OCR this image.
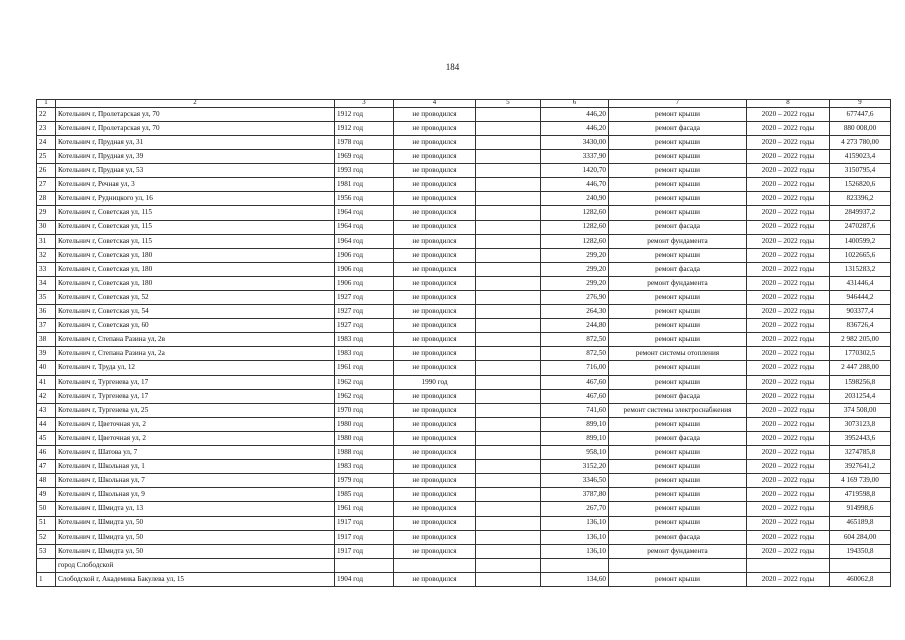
184
1	2	3	4	5	6	7	8	9
22	Котельнич г, Пролетарская ул, 70	1912 год	не проводился		446,20	ремонт крыши	2020 – 2022 годы	677447,6
23	Котельнич г, Пролетарская ул, 70	1912 год	не проводился		446,20	ремонт фасада	2020 – 2022 годы	880 008,00
24	Котельнич г, Прудная ул, 31	1978 год	не проводился		3430,00	ремонт крыши	2020 – 2022 годы	4 273 780,00
25	Котельнич г, Прудная ул, 39	1969 год	не проводился		3337,90	ремонт крыши	2020 – 2022 годы	4159023,4
26	Котельнич г, Прудная ул, 53	1993 год	не проводился		1420,70	ремонт крыши	2020 – 2022 годы	3150795,4
27	Котельнич г, Речная ул, 3	1981 год	не проводился		446,70	ремонт крыши	2020 – 2022 годы	1526820,6
28	Котельнич г, Рудницкого ул, 16	1956 год	не проводился		240,90	ремонт крыши	2020 – 2022 годы	823396,2
29	Котельнич г, Советская ул, 115	1964 год	не проводился		1282,60	ремонт крыши	2020 – 2022 годы	2849937,2
30	Котельнич г, Советская ул, 115	1964 год	не проводился		1282,60	ремонт фасада	2020 – 2022 годы	2470287,6
31	Котельнич г, Советская ул, 115	1964 год	не проводился		1282,60	ремонт фундамента	2020 – 2022 годы	1400599,2
32	Котельнич г, Советская ул, 180	1906 год	не проводился		299,20	ремонт крыши	2020 – 2022 годы	1022665,6
33	Котельнич г, Советская ул, 180	1906 год	не проводился		299,20	ремонт фасада	2020 – 2022 годы	1315283,2
34	Котельнич г, Советская ул, 180	1906 год	не проводился		299,20	ремонт фундамента	2020 – 2022 годы	431446,4
35	Котельнич г, Советская ул, 52	1927 год	не проводился		276,90	ремонт крыши	2020 – 2022 годы	946444,2
36	Котельнич г, Советская ул, 54	1927 год	не проводился		264,30	ремонт крыши	2020 – 2022 годы	903377,4
37	Котельнич г, Советская ул, 60	1927 год	не проводился		244,80	ремонт крыши	2020 – 2022 годы	836726,4
38	Котельнич г, Степана Разина ул, 2в	1983 год	не проводился		872,50	ремонт крыши	2020 – 2022 годы	2 982 205,00
39	Котельнич г, Степана Разина ул, 2а	1983 год	не проводился		872,50	ремонт системы отопления	2020 – 2022 годы	1770302,5
40	Котельнич г, Труда ул, 12	1961 год	не проводился		716,00	ремонт крыши	2020 – 2022 годы	2 447 288,00
41	Котельнич г, Тургенева ул, 17	1962 год	1990 год		467,60	ремонт крыши	2020 – 2022 годы	1598256,8
42	Котельнич г, Тургенева ул, 17	1962 год	не проводился		467,60	ремонт фасада	2020 – 2022 годы	2031254,4
43	Котельнич г, Тургенева ул, 25	1970 год	не проводился		741,60	ремонт системы электроснабжения	2020 – 2022 годы	374 508,00
44	Котельнич г, Цветочная ул, 2	1980 год	не проводился		899,10	ремонт крыши	2020 – 2022 годы	3073123,8
45	Котельнич г, Цветочная ул, 2	1980 год	не проводился		899,10	ремонт фасада	2020 – 2022 годы	3952443,6
46	Котельнич г, Шатова ул, 7	1988 год	не проводился		958,10	ремонт крыши	2020 – 2022 годы	3274785,8
47	Котельнич г, Школьная ул, 1	1983 год	не проводился		3152,20	ремонт крыши	2020 – 2022 годы	3927641,2
48	Котельнич г, Школьная ул, 7	1979 год	не проводился		3346,50	ремонт крыши	2020 – 2022 годы	4 169 739,00
49	Котельнич г, Школьная ул, 9	1985 год	не проводился		3787,80	ремонт крыши	2020 – 2022 годы	4719598,8
50	Котельнич г, Шмидта ул, 13	1961 год	не проводился		267,70	ремонт крыши	2020 – 2022 годы	914998,6
51	Котельнич г, Шмидта ул, 50	1917 год	не проводился		136,10	ремонт крыши	2020 – 2022 годы	465189,8
52	Котельнич г, Шмидта ул, 50	1917 год	не проводился		136,10	ремонт фасада	2020 – 2022 годы	604 284,00
53	Котельнич г, Шмидта ул, 50	1917 год	не проводился		136,10	ремонт фундамента	2020 – 2022 годы	194350,8
	город Слободской							
1	Слободской г, Академика Бакулева ул, 15	1904 год	не проводился		134,60	ремонт крыши	2020 – 2022 годы	460062,8
